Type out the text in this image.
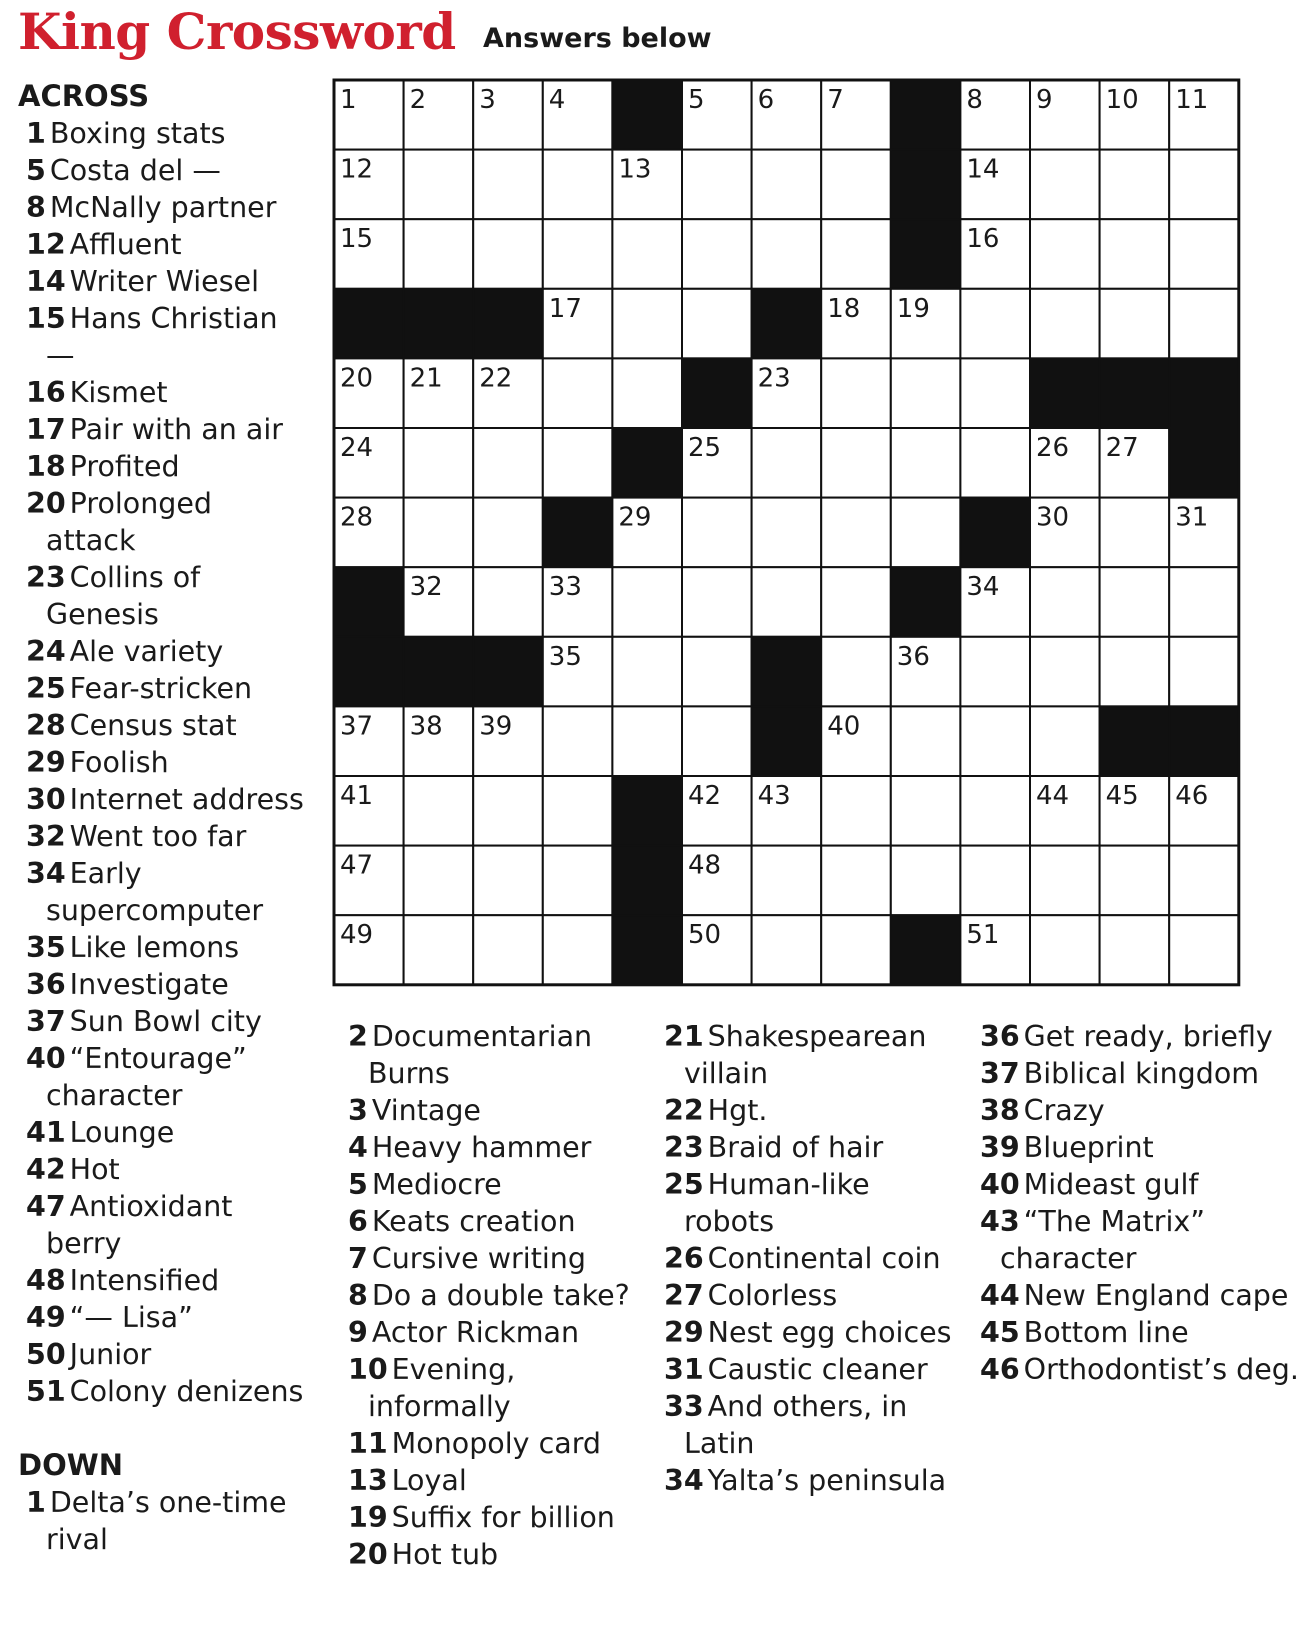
King Crossword Answers below
1 2 3 4	5 6 7	8 9 10 11
12	13	14
15	16
17	18 19
20 21 22	23
24	25	26 27
28	29	30	31
32	33	34
35	36
37 38 39	40
41	42 43	44 45 46
47	48
49	50	51
ACROSS
1 Boxing stats
5 Costa del —
8 McNally partner
12 Affluent
14 Writer Wiesel
15 Hans Christian —
16 Kismet
17 Pair with an air
18 Profited
20 Prolonged attack
23 Collins of Genesis
24 Ale variety
25 Fear-stricken
28 Census stat
29 Foolish
30 Internet address
32 Went too far
34 Early supercomputer
35 Like lemons
36 Investigate
37 Sun Bowl city
40 “Entourage” character
41 Lounge
42 Hot
47 Antioxidant berry
48 Intensified
49 “— Lisa”
50 Junior
51 Colony denizens
DOWN
1 Delta’s one-time rival
2 Documentarian Burns
3 Vintage
4 Heavy hammer
5 Mediocre
6 Keats creation
7 Cursive writing
8 Do a double take?
9 Actor Rickman
10 Evening, informally
11 Monopoly card
13 Loyal
19 Suffix for billion
20 Hot tub
21 Shakespearean villain
22 Hgt.
23 Braid of hair
25 Human-like robots
26 Continental coin
27 Colorless
29 Nest egg choices
31 Caustic cleaner
33 And others, in Latin
34 Yalta’s peninsula
36 Get ready, briefly
37 Biblical kingdom
38 Crazy
39 Blueprint
40 Mideast gulf
43 “The Matrix” character
44 New England cape
45 Bottom line
46 Orthodontist’s deg.
